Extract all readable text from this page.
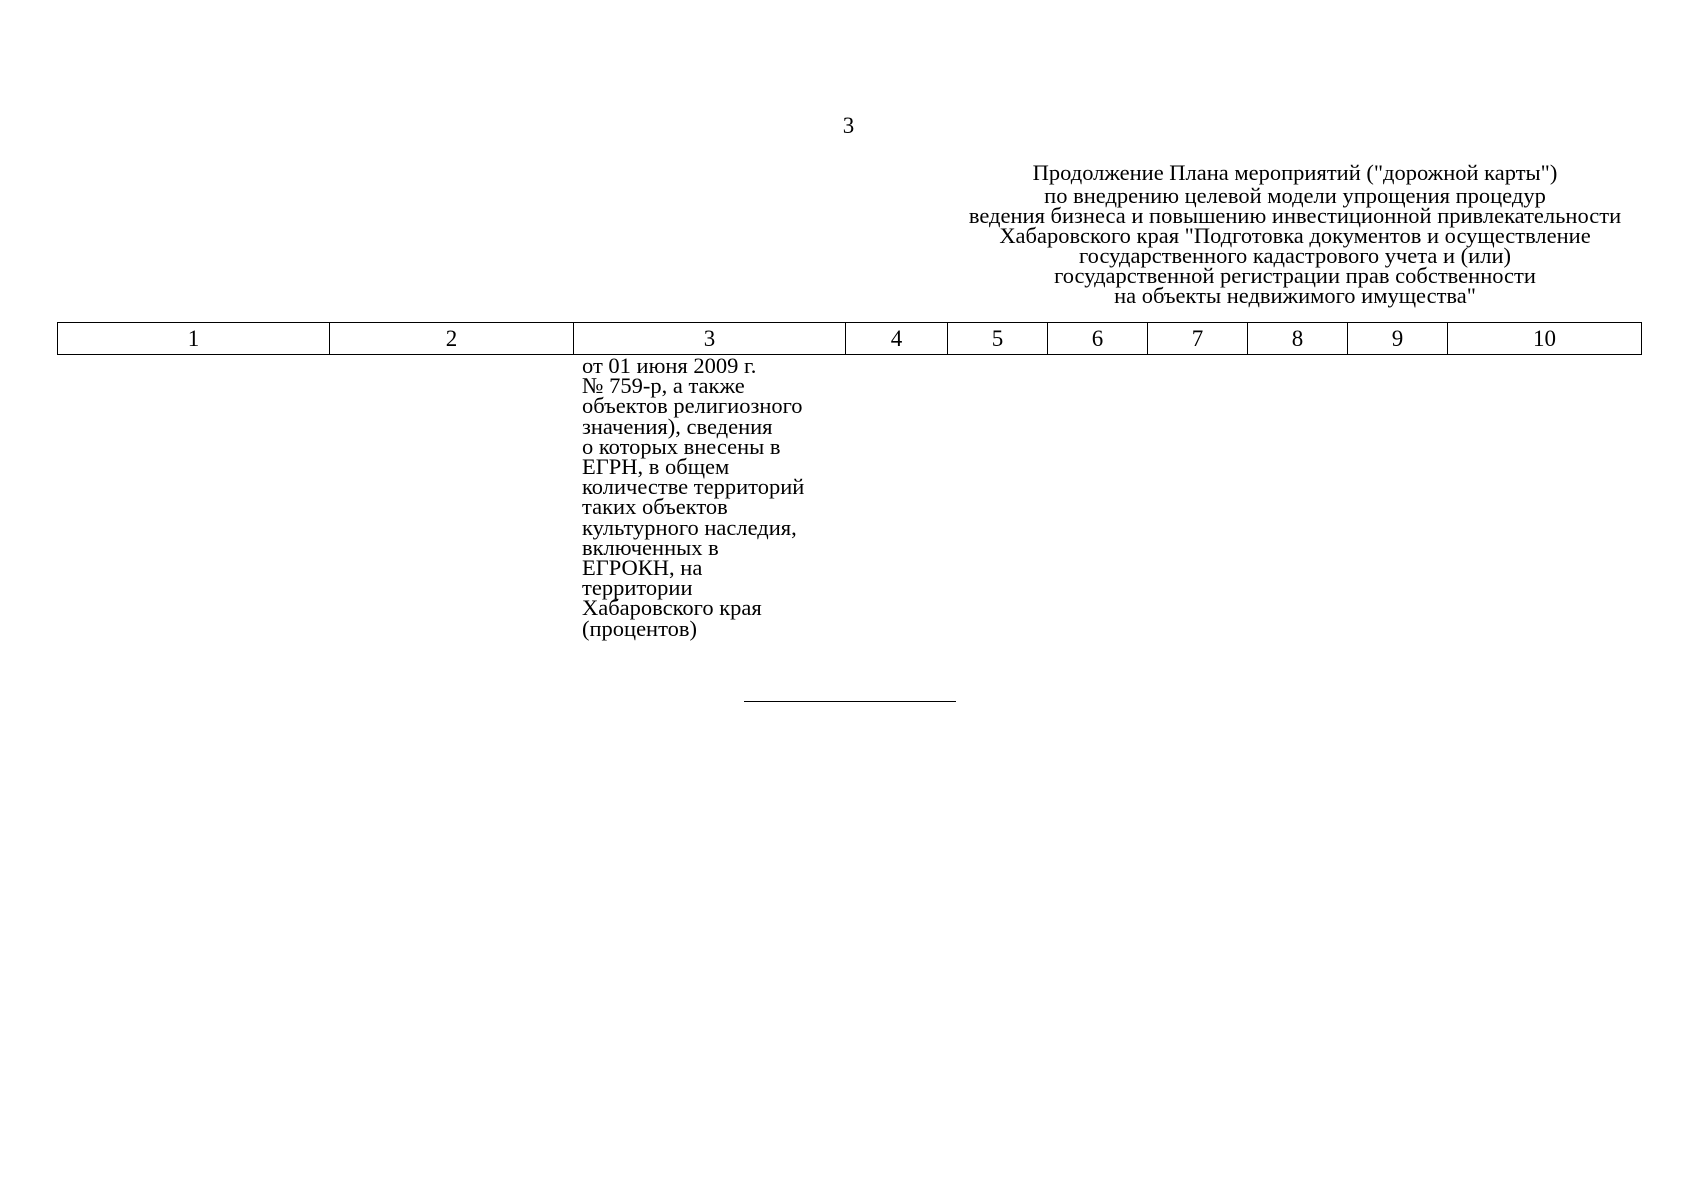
3
Продолжение Плана мероприятий ("дорожной карты")
по внедрению целевой модели упрощения процедур
ведения бизнеса и повышению инвестиционной привлекательности
Хабаровского края "Подготовка документов и осуществление
государственного кадастрового учета и (или)
государственной регистрации прав собственности
на объекты недвижимого имущества"
1	2	3	4	5	6	7	8	9	10
от 01 июня 2009 г.
№ 759-р, а также
объектов религиозного
значения), сведения
о которых внесены в
ЕГРН, в общем
количестве территорий
таких объектов
культурного наследия,
включенных в
ЕГРОКН, на
территории
Хабаровского края
(процентов)
